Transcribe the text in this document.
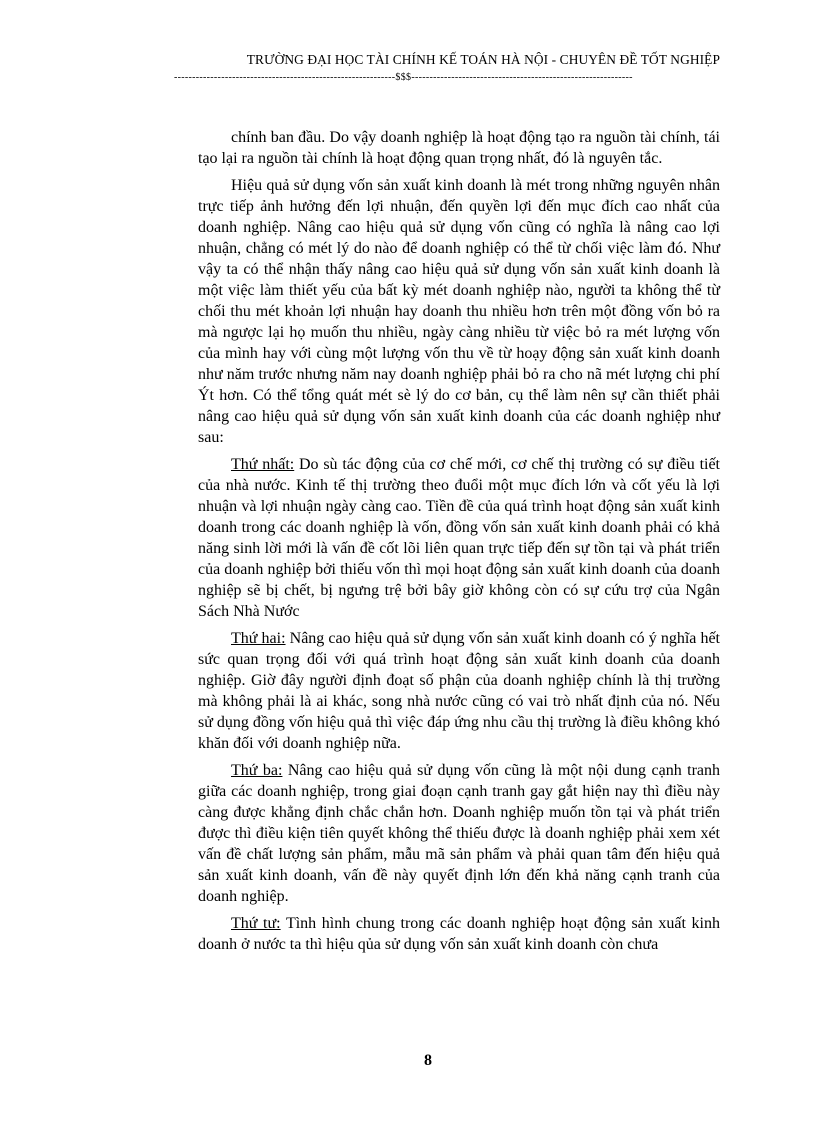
TRƯỜNG ĐẠI HỌC TÀI CHÍNH KẾ TOÁN HÀ NỘI - CHUYÊN ĐỀ TỐT NGHIỆP
-------------------------------------------------------------$$$-------------------------------------------------------------

chính ban đầu. Do vậy doanh nghiệp là hoạt động tạo ra nguồn tài chính, tái tạo lại ra nguồn tài chính là hoạt động quan trọng nhất, đó là nguyên tắc.

Hiệu quả sử dụng vốn sản xuất kinh doanh là mét trong những nguyên nhân trực tiếp ảnh hưởng đến lợi nhuận, đến quyền lợi đến mục đích cao nhất của doanh nghiệp. Nâng cao hiệu quả sử dụng vốn cũng có nghĩa là nâng cao lợi nhuận, chẳng có mét lý do nào để doanh nghiệp có thể từ chối việc làm đó. Như vậy ta có thể nhận thấy nâng cao hiệu quả sử dụng vốn sản xuất kinh doanh là một việc làm thiết yếu của bất kỳ mét doanh nghiệp nào, người ta không thể từ chối thu mét khoản lợi nhuận hay doanh thu nhiều hơn trên một đồng vốn bỏ ra mà ngược lại họ muốn thu nhiều, ngày càng nhiều từ việc bỏ ra mét lượng vốn của mình hay với cùng một lượng vốn thu về từ hoạy động sản xuất kinh doanh như năm trước nhưng năm nay doanh nghiệp phải bỏ ra cho nã mét lượng chi phí Ýt hơn. Có thể tổng quát mét sè lý do cơ bản, cụ thể làm nên sự cần thiết phải nâng cao hiệu quả sử dụng vốn sản xuất kinh doanh của các doanh nghiệp như sau:

Thứ nhất: Do sù tác động của cơ chế mới, cơ chế thị trường có sự điều tiết của nhà nước. Kinh tế thị trường theo đuổi một mục đích lớn và cốt yếu là lợi nhuận và lợi nhuận ngày càng cao. Tiền đề của quá trình hoạt động sản xuất kinh doanh trong các doanh nghiệp là vốn, đồng vốn sản xuất kinh doanh phải có khả năng sinh lời mới là vấn đề cốt lõi liên quan trực tiếp đến sự tồn tại và phát triển của doanh nghiệp bởi thiếu vốn thì mọi hoạt động sản xuất kinh doanh của doanh nghiệp sẽ bị chết, bị ngưng trệ bởi bây giờ không còn có sự cứu trợ của Ngân Sách Nhà Nước

Thứ hai: Nâng cao hiệu quả sử dụng vốn sản xuất kinh doanh có ý nghĩa hết sức quan trọng đối với quá trình hoạt động sản xuất kinh doanh của doanh nghiệp. Giờ đây người định đoạt số phận của doanh nghiệp chính là thị trường mà không phải là ai khác, song nhà nước cũng có vai trò nhất định của nó. Nếu sử dụng đồng vốn hiệu quả thì việc đáp ứng nhu cầu thị trường là điều không khó khăn đối với doanh nghiệp nữa.

Thứ ba: Nâng cao hiệu quả sử dụng vốn cũng là một nội dung cạnh tranh giữa các doanh nghiệp, trong giai đoạn cạnh tranh gay gắt hiện nay thì điều này càng được khẳng định chắc chắn hơn. Doanh nghiệp muốn tồn tại và phát triển được thì điều kiện tiên quyết không thể thiếu được là doanh nghiệp phải xem xét vấn đề chất lượng sản phẩm, mẫu mã sản phẩm và phải quan tâm đến hiệu quả sản xuất kinh doanh, vấn đề này quyết định lớn đến khả năng cạnh tranh của doanh nghiệp.

Thứ tư: Tình hình chung trong các doanh nghiệp hoạt động sản xuất kinh doanh ở nước ta thì hiệu qủa sử dụng vốn sản xuất kinh doanh còn chưa

8
